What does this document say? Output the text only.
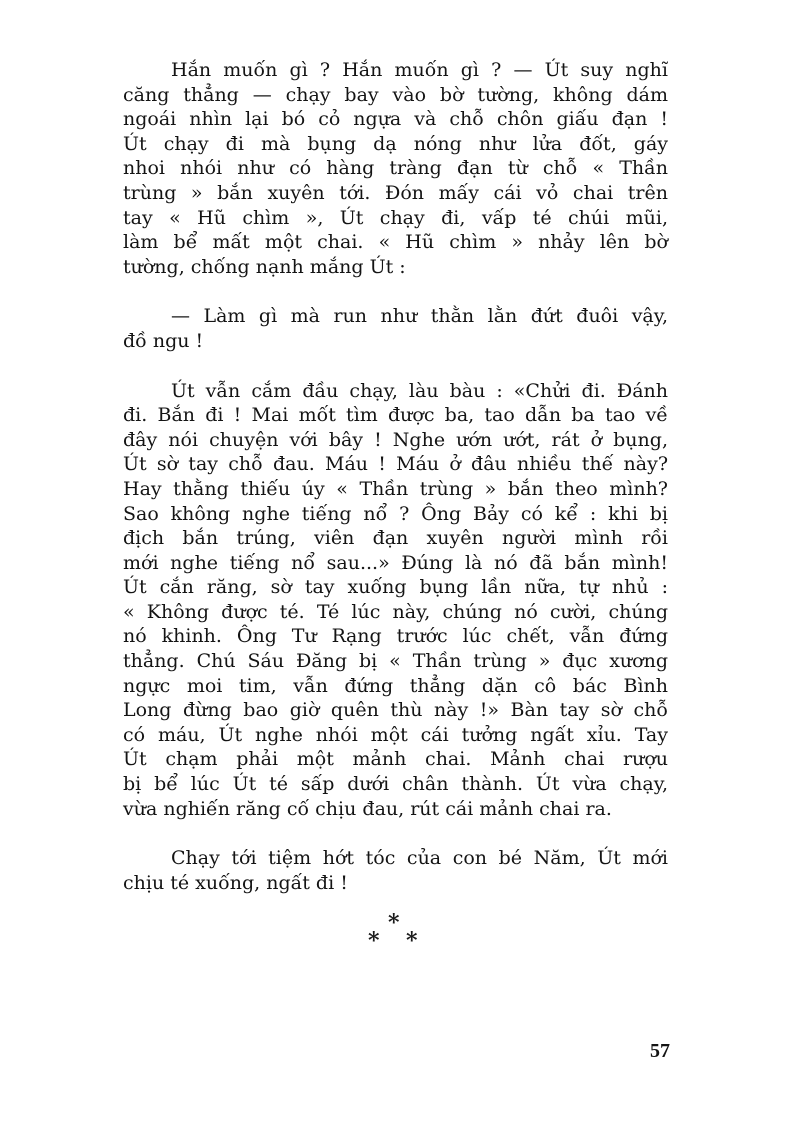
Hắn muốn gì ? Hắn muốn gì ? — Út suy nghĩ
căng thẳng — chạy bay vào bờ tường, không dám
ngoái nhìn lại bó cỏ ngựa và chỗ chôn giấu đạn !
Út chạy đi mà bụng dạ nóng như lửa đốt, gáy
nhoi nhói như có hàng tràng đạn từ chỗ « Thần
trùng » bắn xuyên tới. Đón mấy cái vỏ chai trên
tay « Hũ chìm », Út chạy đi, vấp té chúi mũi,
làm bể mất một chai. « Hũ chìm » nhảy lên bờ
tường, chống nạnh mắng Út :

— Làm gì mà run như thằn lằn đứt đuôi vậy,
đồ ngu !

Út vẫn cắm đầu chạy, làu bàu : «Chửi đi. Đánh
đi. Bắn đi ! Mai mốt tìm được ba, tao dẫn ba tao về
đây nói chuyện với bây ! Nghe ướn ướt, rát ở bụng,
Út sờ tay chỗ đau. Máu ! Máu ở đâu nhiều thế này?
Hay thằng thiếu úy « Thần trùng » bắn theo mình?
Sao không nghe tiếng nổ ? Ông Bảy có kể : khi bị
địch bắn trúng, viên đạn xuyên người mình rồi
mới nghe tiếng nổ sau...» Đúng là nó đã bắn mình!
Út cắn răng, sờ tay xuống bụng lần nữa, tự nhủ :
« Không được té. Té lúc này, chúng nó cười, chúng
nó khinh. Ông Tư Rạng trước lúc chết, vẫn đứng
thẳng. Chú Sáu Đăng bị « Thần trùng » đục xương
ngực moi tim, vẫn đứng thẳng dặn cô bác Bình
Long đừng bao giờ quên thù này !» Bàn tay sờ chỗ
có máu, Út nghe nhói một cái tưởng ngất xỉu. Tay
Út chạm phải một mảnh chai. Mảnh chai rượu
bị bể lúc Út té sấp dưới chân thành. Út vừa chạy,
vừa nghiến răng cố chịu đau, rút cái mảnh chai ra.

Chạy tới tiệm hớt tóc của con bé Năm, Út mới
chịu té xuống, ngất đi !

*
* *
57
